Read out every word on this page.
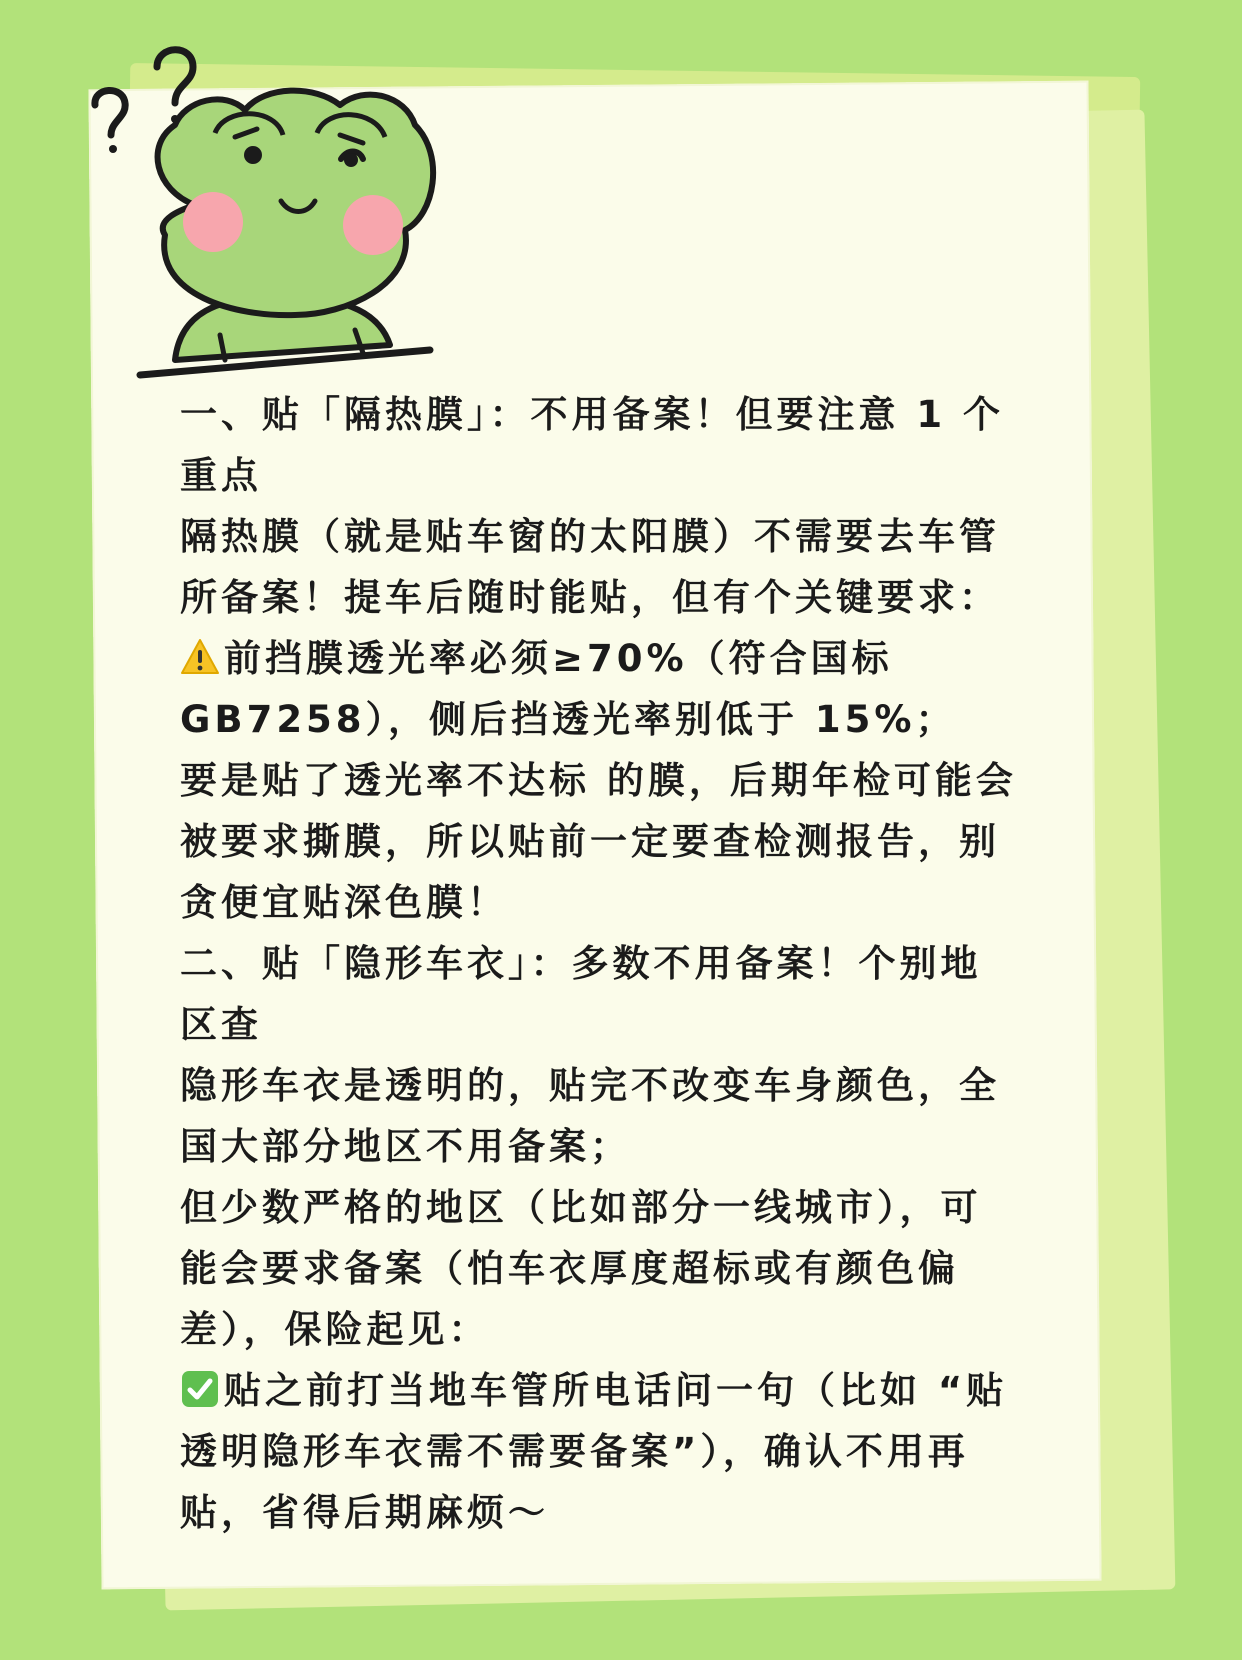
一、贴「隔热膜」：不用备案！但要注意 1 个
重点
隔热膜（就是贴车窗的太阳膜）不需要去车管
所备案！提车后随时能贴，但有个关键要求：
前挡膜透光率必须≥70%（符合国标
GB7258），侧后挡透光率别低于 15%；
要是贴了透光率不达标 的膜，后期年检可能会
被要求撕膜，所以贴前一定要查检测报告，别
贪便宜贴深色膜！
二、贴「隐形车衣」：多数不用备案！个别地
区查
隐形车衣是透明的，贴完不改变车身颜色，全
国大部分地区不用备案；
但少数严格的地区（比如部分一线城市），可
能会要求备案（怕车衣厚度超标或有颜色偏
差），保险起见：
贴之前打当地车管所电话问一句（比如 “贴
透明隐形车衣需不需要备案”），确认不用再
贴，省得后期麻烦～
